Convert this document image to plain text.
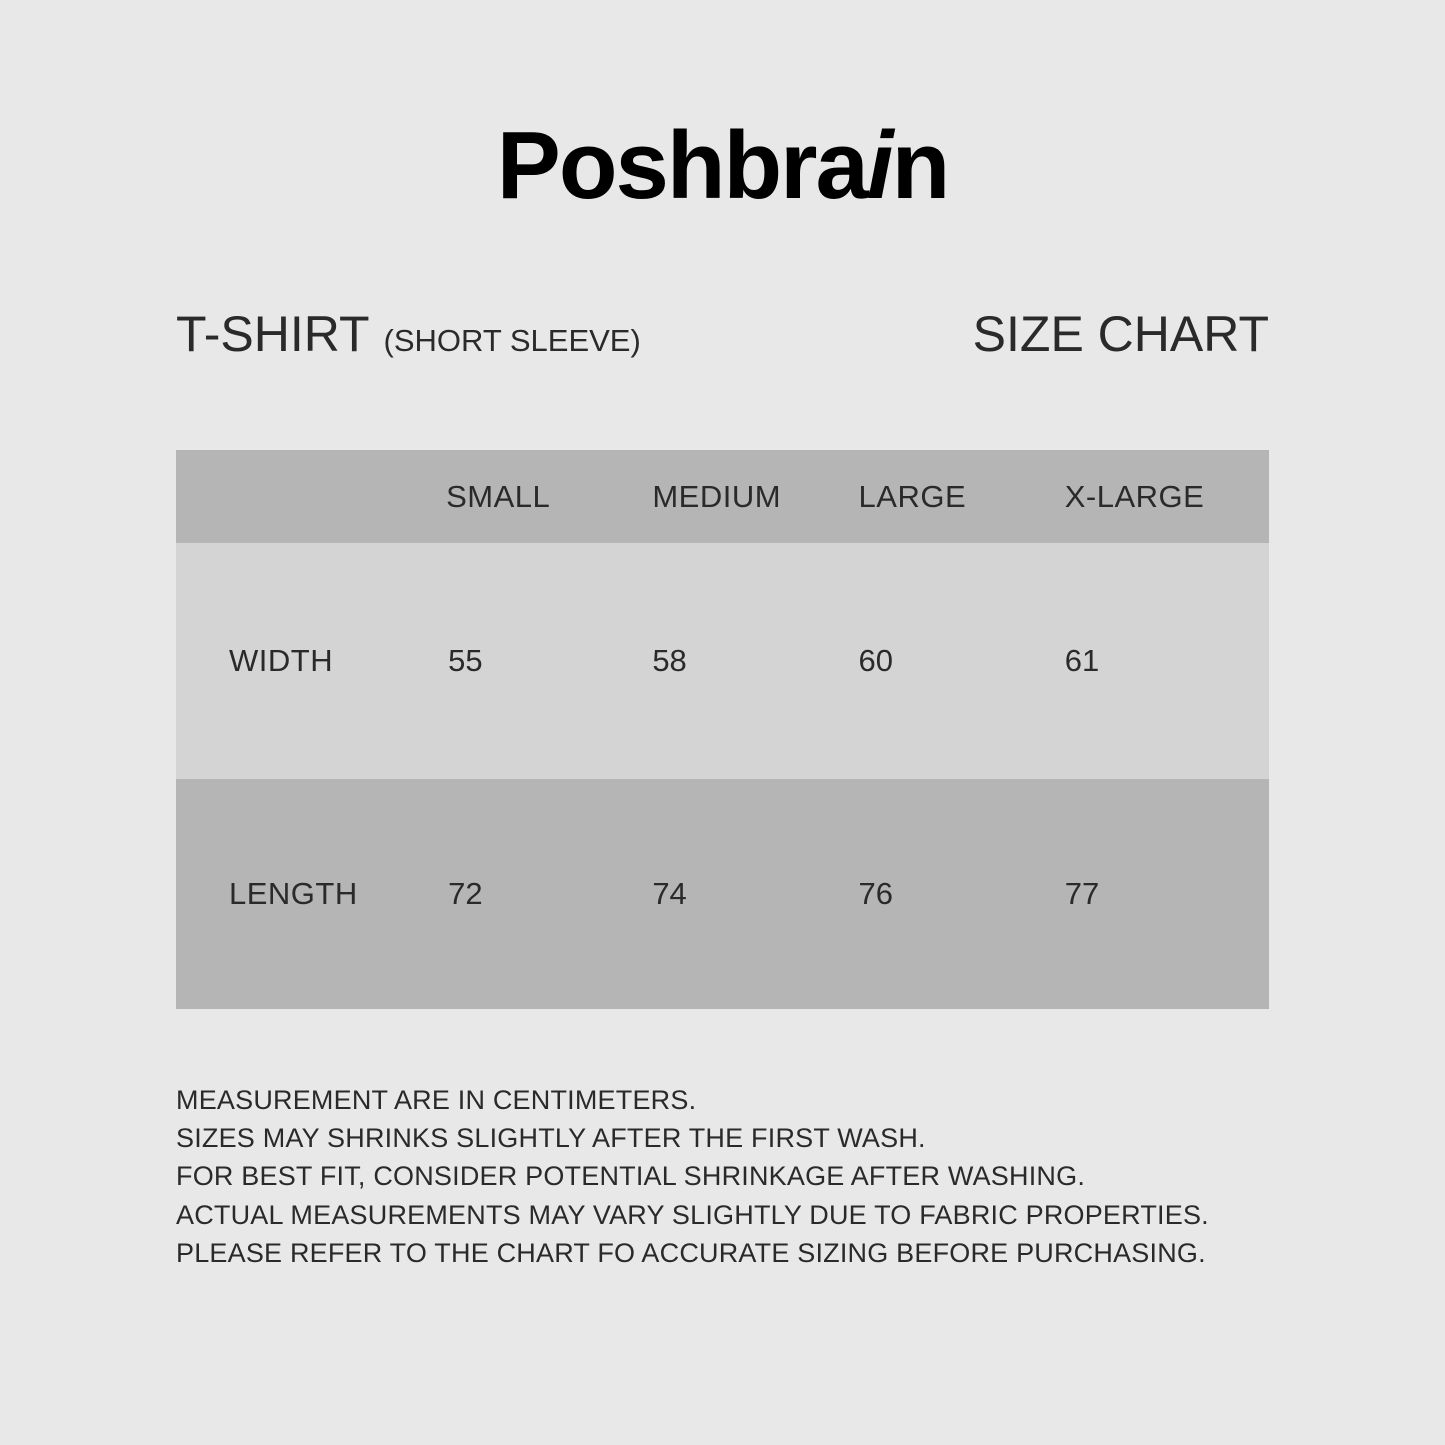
Poshbrain
T-SHIRT (SHORT SLEEVE)	SIZE CHART
	SMALL	MEDIUM	LARGE	X-LARGE
WIDTH	55	58	60	61
LENGTH	72	74	76	77

MEASUREMENT ARE IN CENTIMETERS.

SIZES MAY SHRINKS SLIGHTLY AFTER THE FIRST WASH.

FOR BEST FIT, CONSIDER POTENTIAL SHRINKAGE AFTER WASHING.

ACTUAL MEASUREMENTS MAY VARY SLIGHTLY DUE TO FABRIC PROPERTIES.

PLEASE REFER TO THE CHART FO ACCURATE SIZING BEFORE PURCHASING.
